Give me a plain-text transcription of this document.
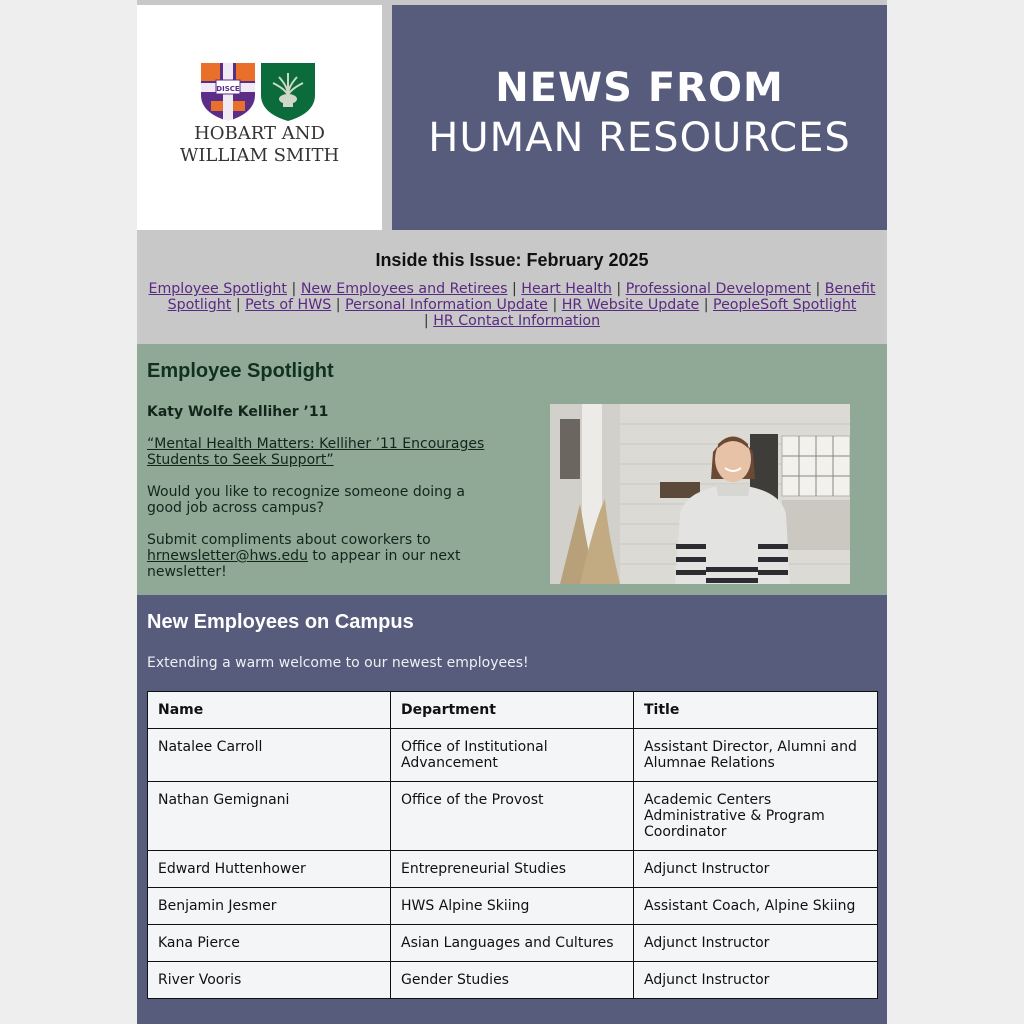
DISCE
HOBART AND
WILLIAM SMITH
NEWS FROM
HUMAN RESOURCES
Inside this Issue: February 2025
Employee Spotlight | New Employees and Retirees | Heart Health | Professional Development | Benefit Spotlight | Pets of HWS | Personal Information Update | HR Website Update | PeopleSoft Spotlight
| HR Contact Information
Employee Spotlight

Katy Wolfe Kelliher ’11

“Mental Health Matters: Kelliher ’11 Encourages Students to Seek Support”

Would you like to recognize someone doing a good job across campus?

Submit compliments about coworkers to
hrnewsletter@hws.edu to appear in our next newsletter!

New Employees on Campus
Extending a warm welcome to our newest employees!
Name	Department	Title
Natalee Carroll	Office of Institutional Advancement	Assistant Director, Alumni and Alumnae Relations
Nathan Gemignani	Office of the Provost	Academic Centers Administrative & Program Coordinator
Edward Huttenhower	Entrepreneurial Studies	Adjunct Instructor
Benjamin Jesmer	HWS Alpine Skiing	Assistant Coach, Alpine Skiing
Kana Pierce	Asian Languages and Cultures	Adjunct Instructor
River Vooris	Gender Studies	Adjunct Instructor
